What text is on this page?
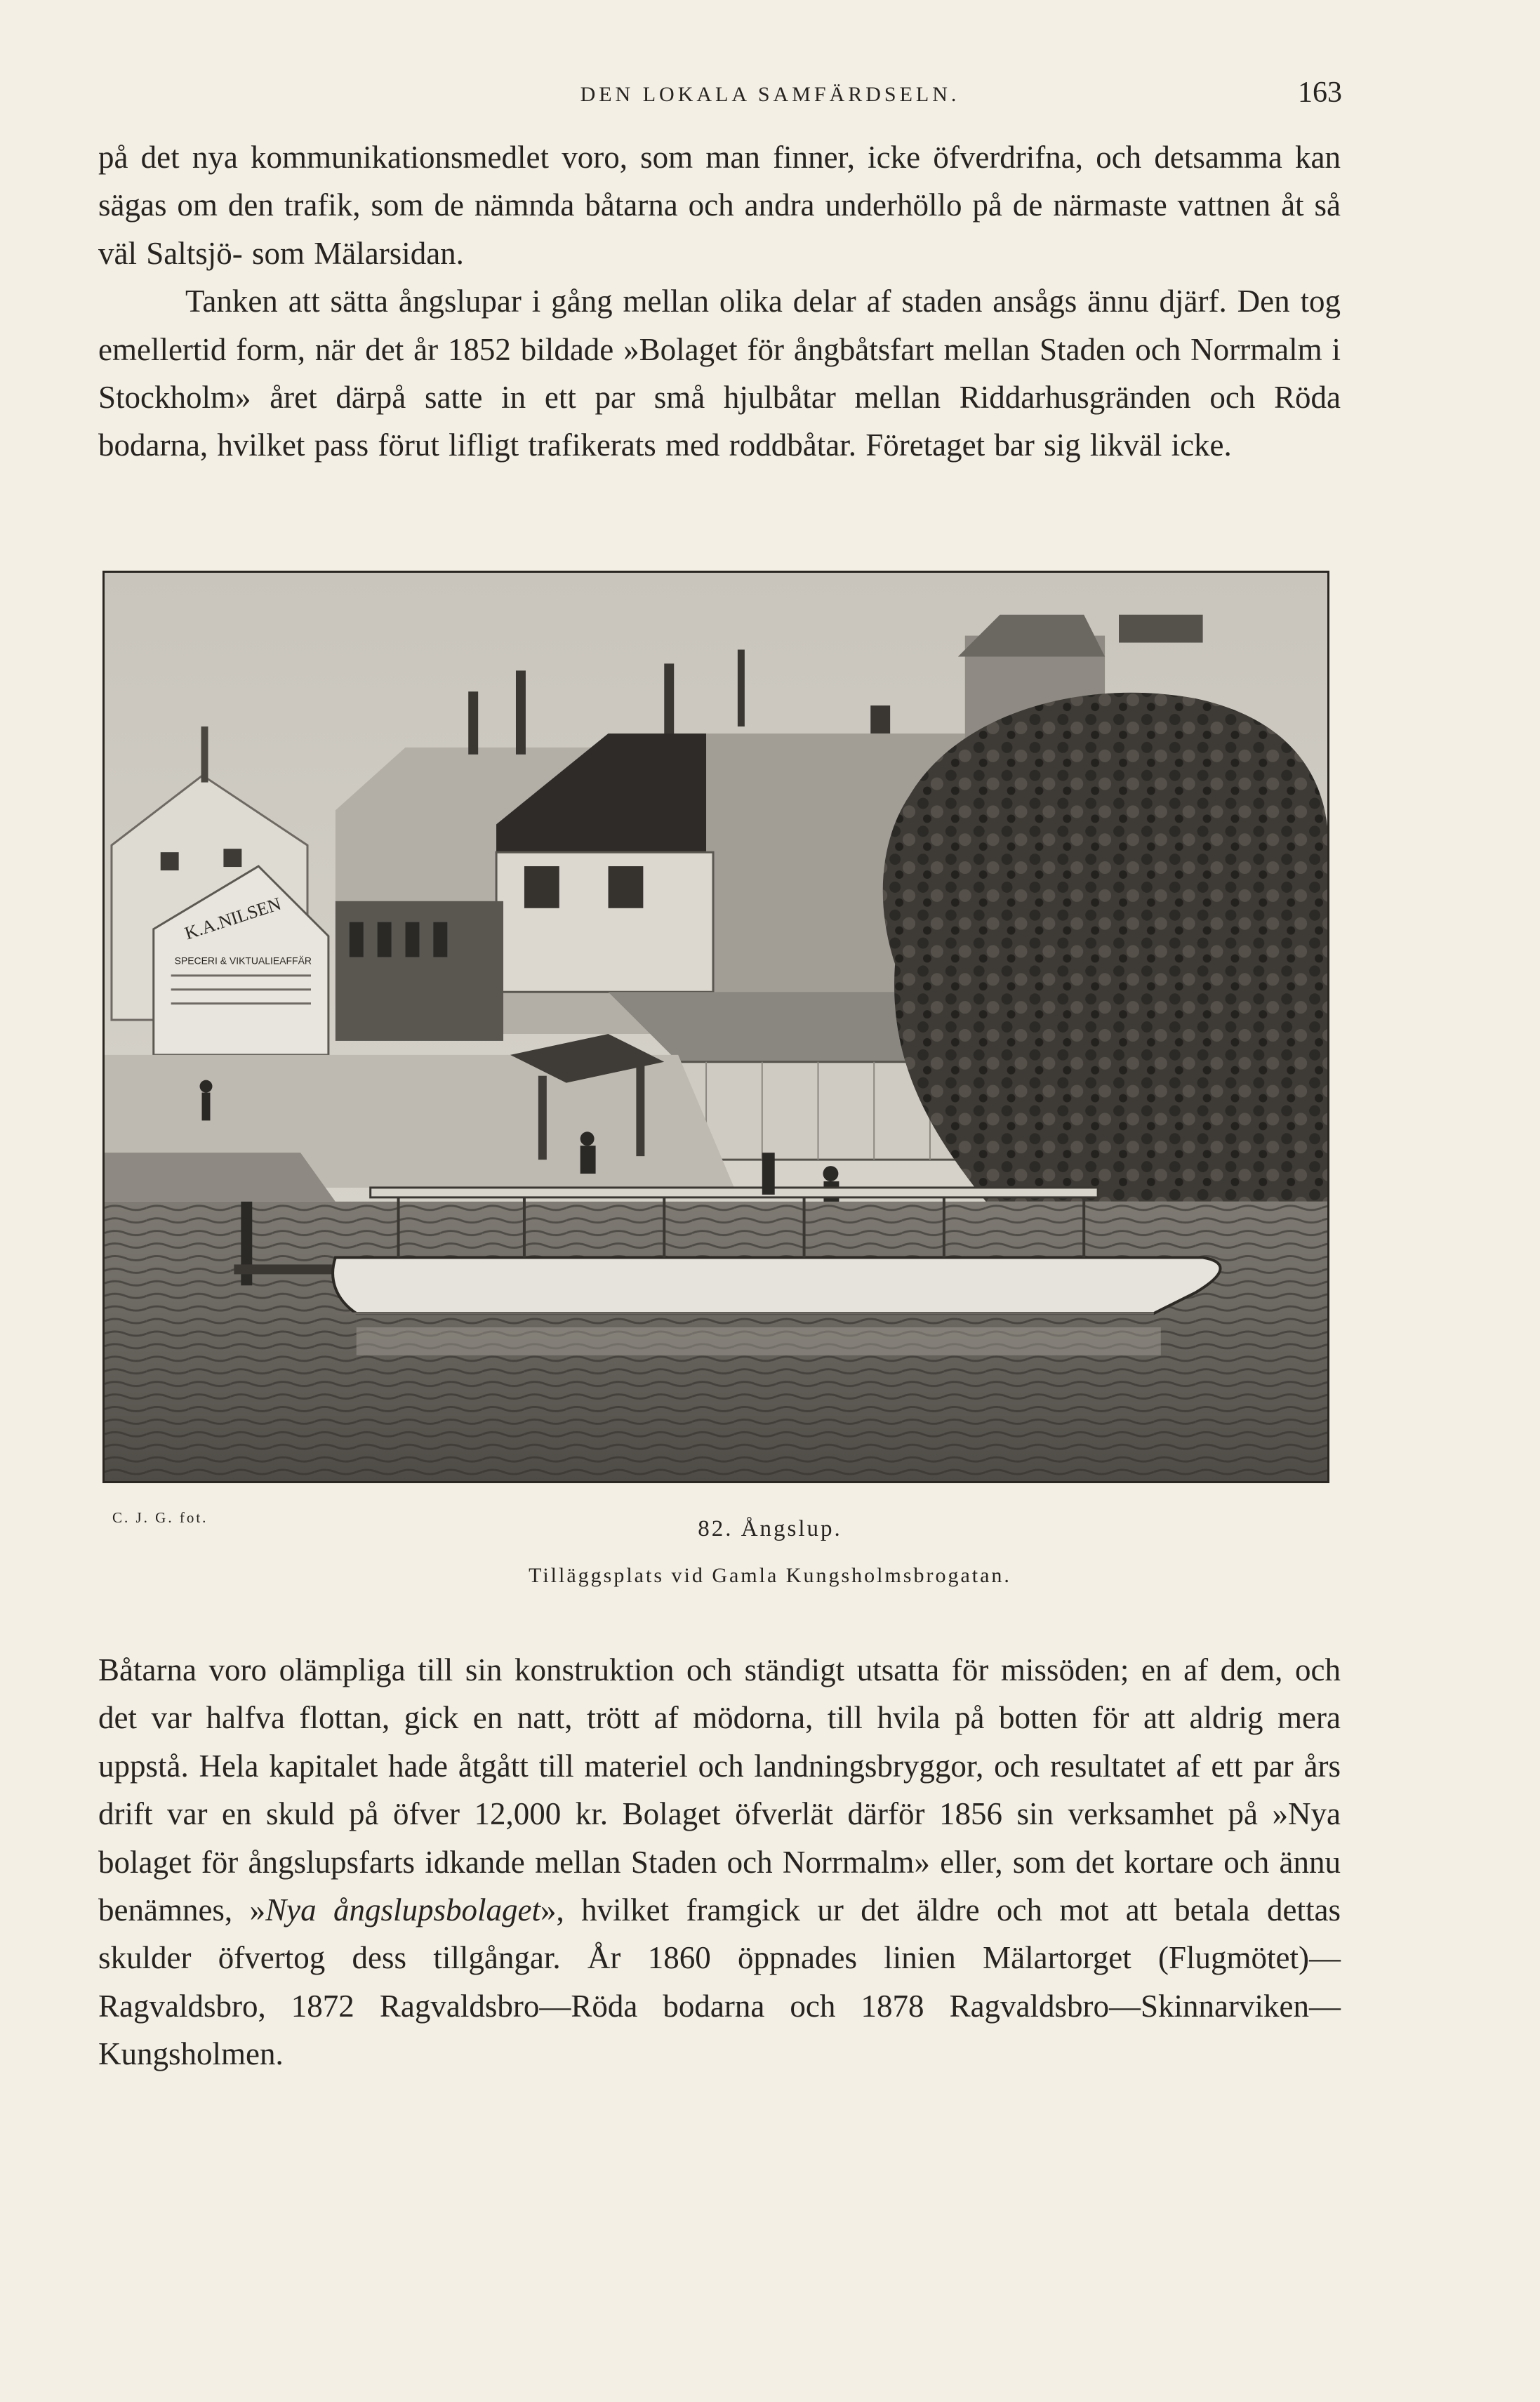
DEN LOKALA SAMFÄRDSELN.	163

på det nya kommunikationsmedlet voro, som man finner, icke öfverdrifna, och detsamma kan sägas om den trafik, som de nämnda båtarna och andra underhöllo på de närmaste vattnen åt så väl Saltsjö- som Mälarsidan.

Tanken att sätta ångslupar i gång mellan olika delar af staden ansågs ännu djärf. Den tog emellertid form, när det år 1852 bildade »Bolaget för ångbåtsfart mellan Staden och Norrmalm i Stockholm» året därpå satte in ett par små hjulbåtar mellan Riddarhusgränden och Röda bodarna, hvilket pass förut lifligt trafikerats med roddbåtar. Företaget bar sig likväl icke.

K.A.NILSEN
SPECERI & VIKTUALIEAFFÄR
C. J. G. fot.	82. Ångslup.
Tilläggsplats vid Gamla Kungsholmsbrogatan.

Båtarna voro olämpliga till sin konstruktion och ständigt utsatta för missöden; en af dem, och det var halfva flottan, gick en natt, trött af mödorna, till hvila på botten för att aldrig mera uppstå. Hela kapitalet hade åtgått till materiel och landningsbryggor, och resultatet af ett par års drift var en skuld på öfver 12,000 kr. Bolaget öfverlät därför 1856 sin verksamhet på »Nya bolaget för ångslupsfarts idkande mellan Staden och Norrmalm» eller, som det kortare och ännu benämnes, »Nya ångslupsbolaget», hvilket framgick ur det äldre och mot att betala dettas skulder öfvertog dess tillgångar. År 1860 öppnades linien Mälartorget (Flugmötet)—Ragvaldsbro, 1872 Ragvaldsbro—Röda bodarna och 1878 Ragvaldsbro—Skinnarviken—Kungsholmen.
